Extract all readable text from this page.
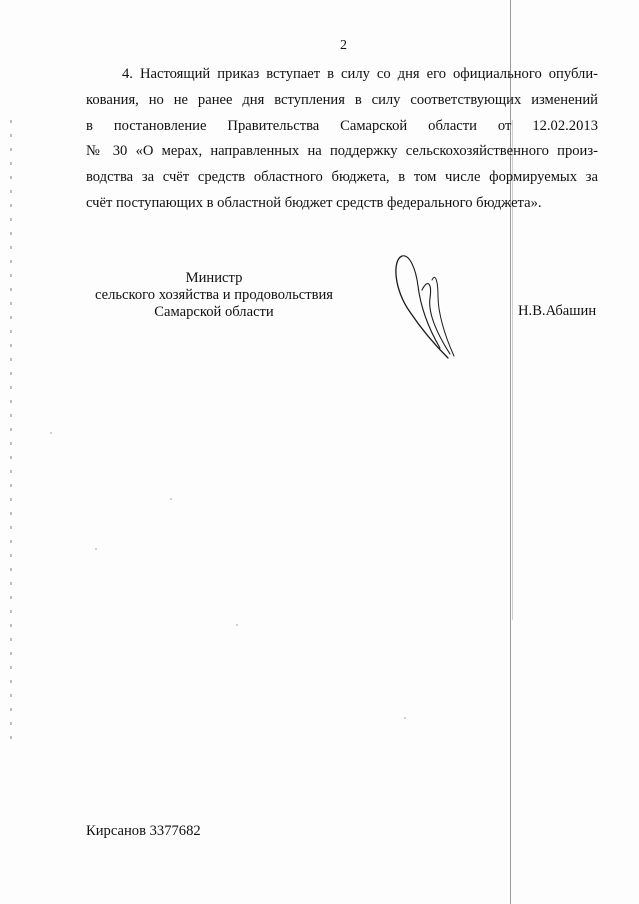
2
4. Настоящий приказ вступает в силу со дня его официального опубли-
кования, но не ранее дня вступления в силу соответствующих изменений
в постановление Правительства Самарской области от 12.02.2013
№ 30 «О мерах, направленных на поддержку сельскохозяйственного произ-
водства за счёт средств областного бюджета, в том числе формируемых за
счёт поступающих в областной бюджет средств федерального бюджета».
Министр
сельского хозяйства и продовольствия
Самарской области	Н.В.Абашин
Кирсанов 3377682
